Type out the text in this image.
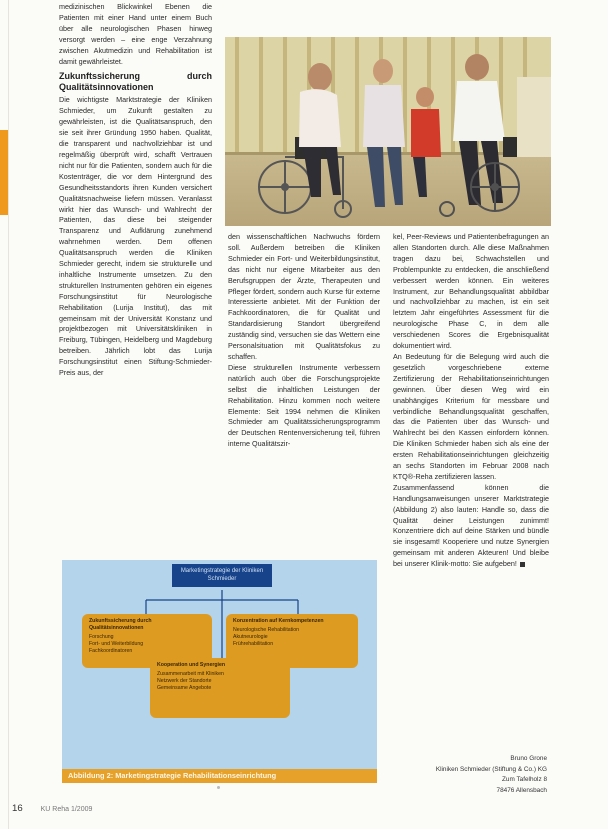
medizinischen Blickwinkel Ebenen die Patienten mit einer Hand unter einem Buch über alle neurologischen Phasen hinweg versorgt werden – eine enge Verzahnung zwischen Akutmedizin und Rehabilitation ist damit gewährleistet.

Zukunftssicherung durch Qualitätsinnovationen

Die wichtigste Marktstrategie der Kliniken Schmieder, um Zukunft gestalten zu gewährleisten, ist die Qualitätsanspruch, den sie seit ihrer Gründung 1950 haben. Qualität, die transparent und nachvollziehbar ist und regelmäßig überprüft wird, schafft Vertrauen nicht nur für die Patienten, sondern auch für die Kostenträger, die vor dem Hintergrund des Gesundheitsstandorts ihren Kunden versichert Qualitätsnachweise liefern müssen. Veranlasst wirkt hier das Wunsch- und Wahlrecht der Patienten, das diese bei steigender Transparenz und Aufklärung zunehmend wahrnehmen werden. Dem offenen Qualitätsanspruch werden die Kliniken Schmieder gerecht, indem sie strukturelle und inhaltliche Instrumente umsetzen. Zu den strukturellen Instrumenten gehören ein eigenes Forschungsinstitut für Neurologische Rehabilitation (Lurija Institut), das mit gemeinsam mit der Universität Konstanz und projektbezogen mit Universitätskliniken in Freiburg, Tübingen, Heidelberg und Magdeburg betreiben. Jährlich lobt das Lurija Forschungsinstitut einen Stiftung-Schmieder-Preis aus, der

den wissenschaftlichen Nachwuchs fördern soll. Außerdem betreiben die Kliniken Schmieder ein Fort- und Weiterbildungsinstitut, das nicht nur eigene Mitarbeiter aus den Berufsgruppen der Ärzte, Therapeuten und Pfleger fördert, sondern auch Kurse für externe Interessierte anbietet. Mit der Funktion der Fachkoordinatoren, die für Qualität und Standardisierung Standort übergreifend zuständig sind, versuchen sie das Wettern eine Personalsituation mit Qualitätsfokus zu schaffen.

Diese strukturellen Instrumente verbessern natürlich auch über die Forschungsprojekte selbst die inhaltlichen Leistungen der Rehabilitation. Hinzu kommen noch weitere Elemente: Seit 1994 nehmen die Kliniken Schmieder am Qualitätssicherungsprogramm der Deutschen Rentenversicherung teil, führen interne Qualitätszir-

kel, Peer-Reviews und Patientenbefragungen an allen Standorten durch. Alle diese Maßnahmen tragen dazu bei, Schwachstellen und Problempunkte zu entdecken, die anschließend verbessert werden können. Ein weiteres Instrument, zur Behandlungsqualität abbildbar und nachvollziehbar zu machen, ist ein seit letztem Jahr eingeführtes Assessment für die neurologische Phase C, in dem alle verschiedenen Scores die Ergebnisqualität dokumentiert wird.

An Bedeutung für die Belegung wird auch die gesetzlich vorgeschriebene externe Zertifizierung der Rehabilitationseinrichtungen gewinnen. Über diesen Weg wird ein unabhängiges Kriterium für messbare und verbindliche Behandlungsqualität geschaffen, das die Patienten über das Wunsch- und Wahlrecht bei den Kassen einfordern können. Die Kliniken Schmieder haben sich als eine der ersten Rehabilitationseinrichtungen gleichzeitig an sechs Standorten im Februar 2008 nach KTQ®-Reha zertifizieren lassen.

Zusammenfassend können die Handlungsanweisungen unserer Marktstrategie (Abbildung 2) also lauten: Handle so, dass die Qualität deiner Leistungen zunimmt! Konzentriere dich auf deine Stärken und bündle sie insgesamt! Kooperiere und nutze Synergien gemeinsam mit anderen Akteuren! Und bleibe bei unserer Klinik-motto: Sie aufgeben!

Marketingstrategie der Kliniken Schmieder
Zukunftssicherung durch Qualitätsinnovationen
Forschung
Fort- und Weiterbildung
Fachkoordinatoren
Konzentration auf Kernkompetenzen
Neurologische Rehabilitation
Akutneurologie
Frührehabilitation
Kooperation und Synergien
Zusammenarbeit mit Kliniken
Netzwerk der Standorte
Gemeinsame Angebote
Abbildung 2: Marketingstrategie Rehabilitationseinrichtung
Bruno Grone
Kliniken Schmieder (Stiftung & Co.) KG
Zum Tafelholz 8
78476 Allensbach
16	KU Reha 1/2009
